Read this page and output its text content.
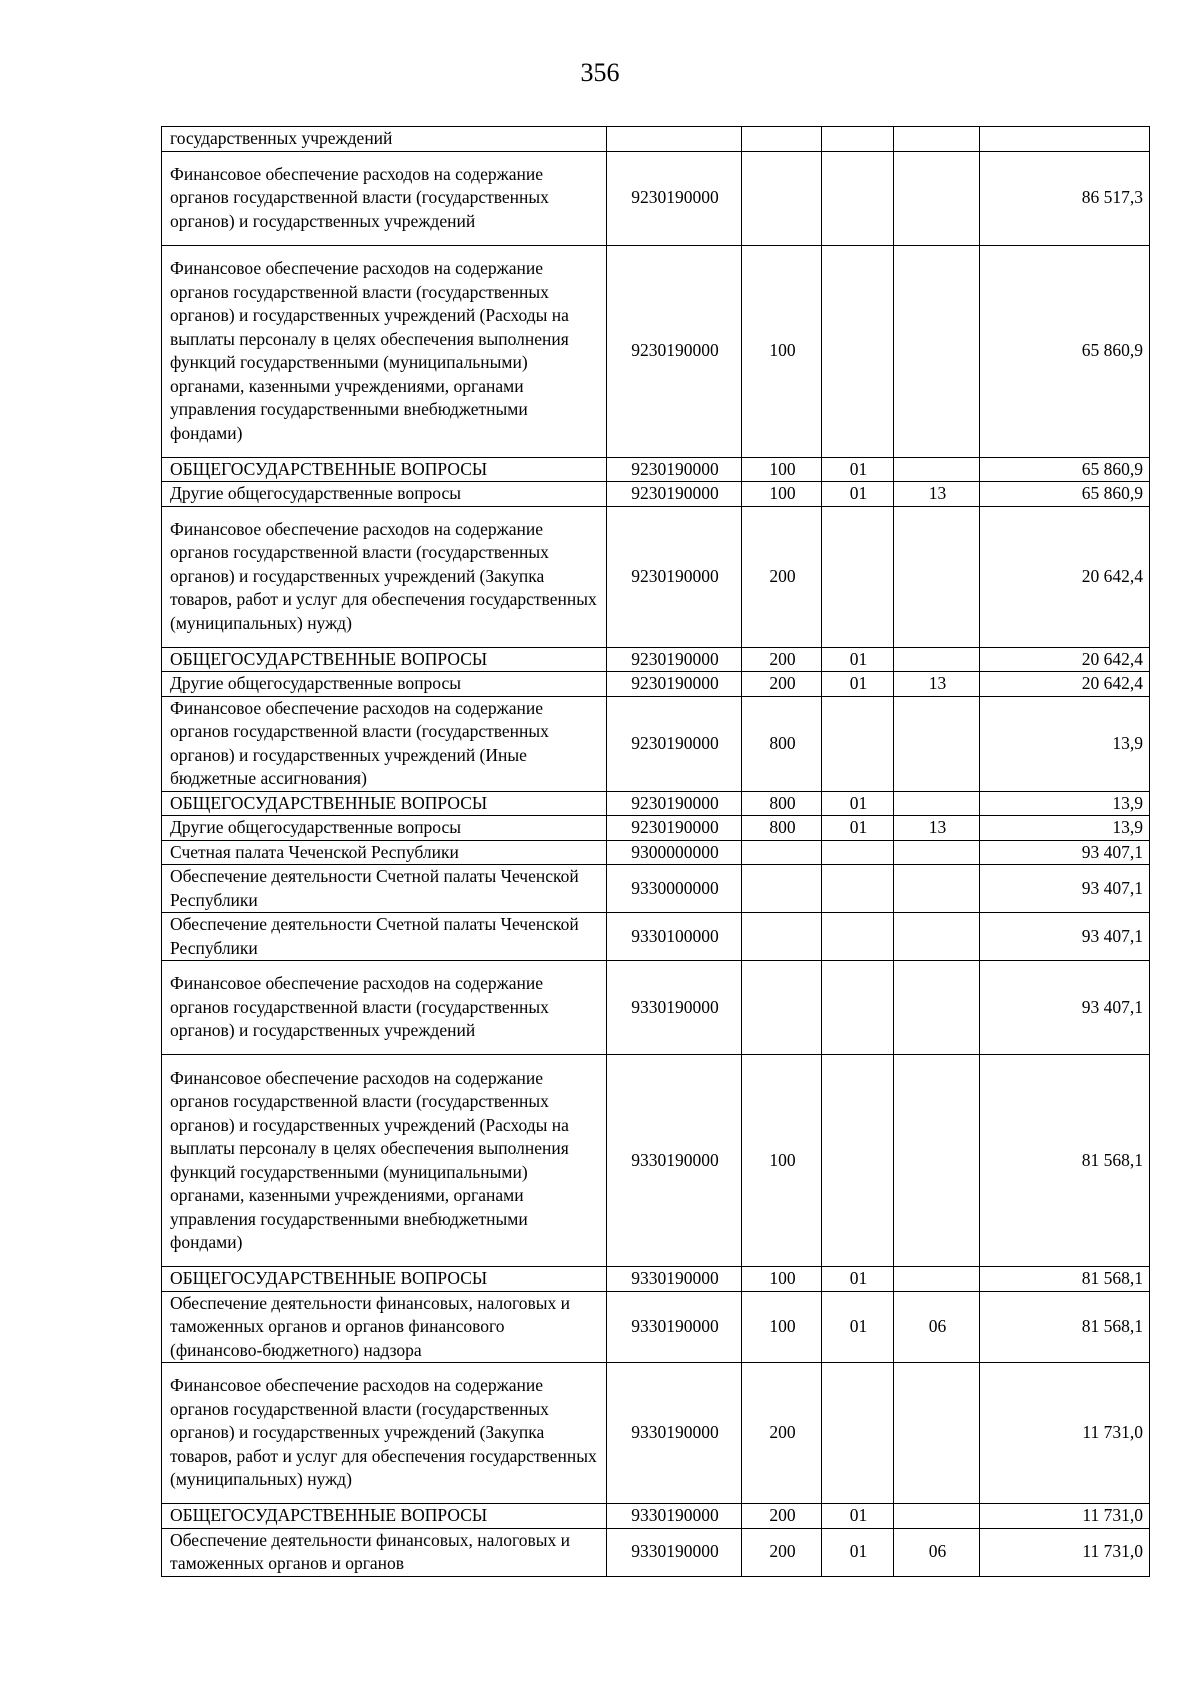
356
государственных учреждений					
Финансовое обеспечение расходов на содержание органов государственной власти (государственных органов) и государственных учреждений	9230190000				86 517,3
Финансовое обеспечение расходов на содержание органов государственной власти (государственных органов) и государственных учреждений (Расходы на выплаты персоналу в целях обеспечения выполнения функций государственными (муниципальными) органами, казенными учреждениями, органами управления государственными внебюджетными фондами)	9230190000	100			65 860,9
ОБЩЕГОСУДАРСТВЕННЫЕ ВОПРОСЫ	9230190000	100	01		65 860,9
Другие общегосударственные вопросы	9230190000	100	01	13	65 860,9
Финансовое обеспечение расходов на содержание органов государственной власти (государственных органов) и государственных учреждений (Закупка товаров, работ и услуг для обеспечения государственных (муниципальных) нужд)	9230190000	200			20 642,4
ОБЩЕГОСУДАРСТВЕННЫЕ ВОПРОСЫ	9230190000	200	01		20 642,4
Другие общегосударственные вопросы	9230190000	200	01	13	20 642,4
Финансовое обеспечение расходов на содержание органов государственной власти (государственных органов) и государственных учреждений (Иные бюджетные ассигнования)	9230190000	800			13,9
ОБЩЕГОСУДАРСТВЕННЫЕ ВОПРОСЫ	9230190000	800	01		13,9
Другие общегосударственные вопросы	9230190000	800	01	13	13,9
Счетная палата Чеченской Республики	9300000000				93 407,1
Обеспечение деятельности Счетной палаты Чеченской Республики	9330000000				93 407,1
Обеспечение деятельности Счетной палаты Чеченской Республики	9330100000				93 407,1
Финансовое обеспечение расходов на содержание органов государственной власти (государственных органов) и государственных учреждений	9330190000				93 407,1
Финансовое обеспечение расходов на содержание органов государственной власти (государственных органов) и государственных учреждений (Расходы на выплаты персоналу в целях обеспечения выполнения функций государственными (муниципальными) органами, казенными учреждениями, органами управления государственными внебюджетными фондами)	9330190000	100			81 568,1
ОБЩЕГОСУДАРСТВЕННЫЕ ВОПРОСЫ	9330190000	100	01		81 568,1
Обеспечение деятельности финансовых, налоговых и таможенных органов и органов финансового (финансово-бюджетного) надзора	9330190000	100	01	06	81 568,1
Финансовое обеспечение расходов на содержание органов государственной власти (государственных органов) и государственных учреждений (Закупка товаров, работ и услуг для обеспечения государственных (муниципальных) нужд)	9330190000	200			11 731,0
ОБЩЕГОСУДАРСТВЕННЫЕ ВОПРОСЫ	9330190000	200	01		11 731,0
Обеспечение деятельности финансовых, налоговых и таможенных органов и органов	9330190000	200	01	06	11 731,0
